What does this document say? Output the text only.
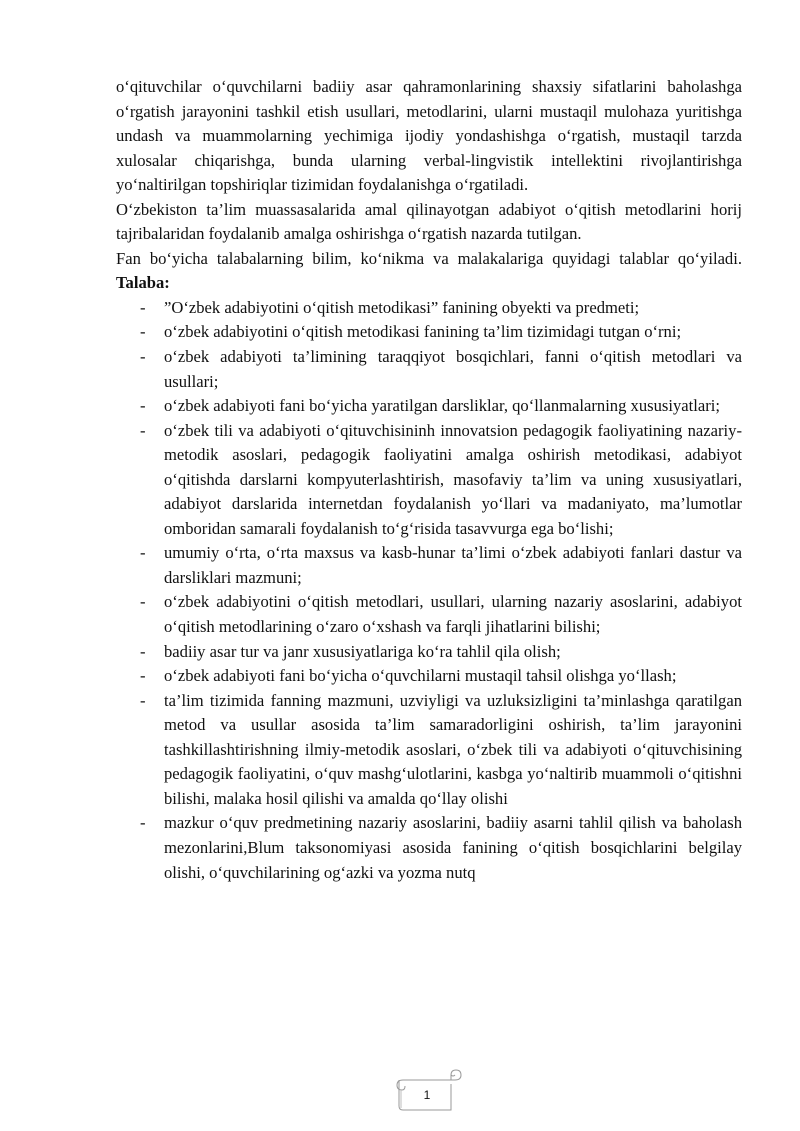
o‘qituvchilar o‘quvchilarni badiiy asar qahramonlarining shaxsiy sifatlarini baholashga o‘rgatish jarayonini tashkil etish usullari, metodlarini, ularni mustaqil mulohaza yuritishga undash va muammolarning yechimiga ijodiy yondashishga o‘rgatish, mustaqil tarzda xulosalar chiqarishga, bunda ularning verbal-lingvistik intellektini rivojlantirishga yo‘naltirilgan topshiriqlar tizimidan foydalanishga o‘rgatiladi.

O‘zbekiston ta’lim muassasalarida amal qilinayotgan adabiyot o‘qitish metodlarini horij tajribalaridan foydalanib amalga oshirishga o‘rgatish nazarda tutilgan.

Fan bo‘yicha talabalarning bilim, ko‘nikma va malakalariga quyidagi talablar qo‘yiladi. Talaba:

- ”O‘zbek adabiyotini o‘qitish metodikasi” fanining obyekti va predmeti;
- o‘zbek adabiyotini o‘qitish metodikasi fanining ta’lim tizimidagi tutgan o‘rni;
- o‘zbek adabiyoti ta’limining taraqqiyot bosqichlari, fanni o‘qitish metodlari va usullari;
- o‘zbek adabiyoti fani bo‘yicha yaratilgan darsliklar, qo‘llanmalarning xususiyatlari;
- o‘zbek tili va adabiyoti o‘qituvchisininh innovatsion pedagogik faoliyatining nazariy-metodik asoslari, pedagogik faoliyatini amalga oshirish metodikasi, adabiyot o‘qitishda darslarni kompyuterlashtirish, masofaviy ta’lim va uning xususiyatlari, adabiyot darslarida internetdan foydalanish yo‘llari va madaniyato, ma’lumotlar omboridan samarali foydalanish to‘g‘risida tasavvurga ega bo‘lishi;
- umumiy o‘rta, o‘rta maxsus va kasb-hunar ta’limi o‘zbek adabiyoti fanlari dastur va darsliklari mazmuni;
- o‘zbek adabiyotini o‘qitish metodlari, usullari, ularning nazariy asoslarini, adabiyot o‘qitish metodlarining o‘zaro o‘xshash va farqli jihatlarini bilishi;
- badiiy asar tur va janr xususiyatlariga ko‘ra tahlil qila olish;
- o‘zbek adabiyoti fani bo‘yicha o‘quvchilarni mustaqil tahsil olishga yo‘llash;
- ta’lim tizimida fanning mazmuni, uzviyligi va uzluksizligini ta’minlashga qaratilgan metod va usullar asosida ta’lim samaradorligini oshirish, ta’lim jarayonini tashkillashtirishning ilmiy-metodik asoslari, o‘zbek tili va adabiyoti o‘qituvchisining pedagogik faoliyatini, o‘quv mashg‘ulotlarini, kasbga yo‘naltirib muammoli o‘qitishni bilishi, malaka hosil qilishi va amalda qo‘llay olishi
- mazkur o‘quv predmetining nazariy asoslarini, badiiy asarni tahlil qilish va baholash mezonlarini,Blum taksonomiyasi asosida fanining o‘qitish bosqichlarini belgilay olishi, o‘quvchilarining og‘azki va yozma nutq
1
